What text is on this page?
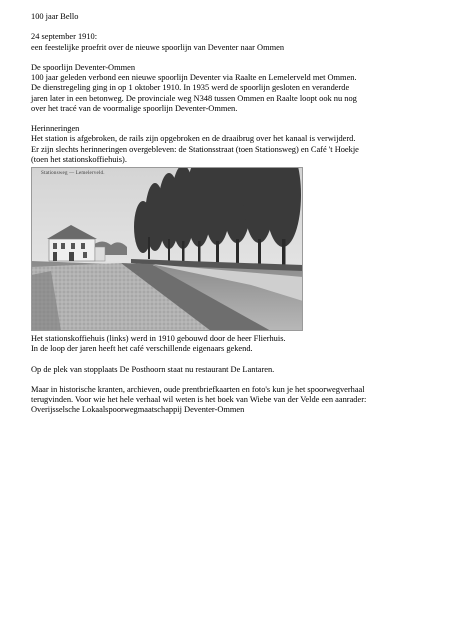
100 jaar Bello

24 september 1910:

een feestelijke proefrit over de nieuwe spoorlijn van Deventer naar Ommen

De spoorlijn Deventer-Ommen

100 jaar geleden verbond een nieuwe spoorlijn Deventer via Raalte en Lemelerveld met Ommen.

De dienstregeling ging in op 1 oktober 1910. In 1935 werd de spoorlijn gesloten en veranderde

jaren later in een betonweg. De provinciale weg N348 tussen Ommen en Raalte loopt ook nu nog

over het tracé van de voormalige spoorlijn Deventer-Ommen.

Herinneringen

Het station is afgebroken, de rails zijn opgebroken en de draaibrug over het kanaal is verwijderd.

Er zijn slechts herinneringen overgebleven: de Stationsstraat (toen Stationsweg) en Café 't Hoekje

(toen het stationskoffiehuis).

Stationsweg — Lemelerveld.

Het stationskoffiehuis (links) werd in 1910 gebouwd door de heer Flierhuis.

In de loop der jaren heeft het café verschillende eigenaars gekend.

Op de plek van stopplaats De Posthoorn staat nu restaurant De Lantaren.

Maar in historische kranten, archieven, oude prentbriefkaarten en foto's kun je het spoorwegverhaal

terugvinden. Voor wie het hele verhaal wil weten is het boek van Wiebe van der Velde een aanrader:

Overijsselsche Lokaalspoorwegmaatschappij Deventer-Ommen
